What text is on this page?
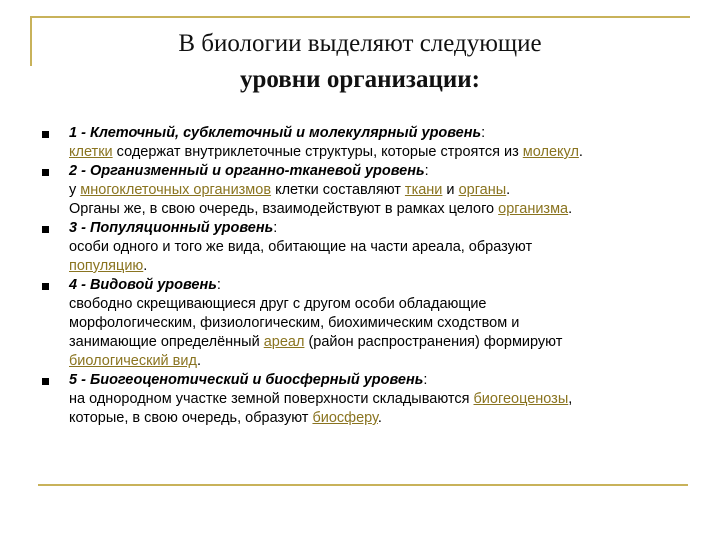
В биологии выделяют следующие
уровни организации:
1 - Клеточный, субклеточный и молекулярный уровень:
клетки содержат внутриклеточные структуры, которые строятся из молекул.
2 - Организменный и органно-тканевой уровень:
у многоклеточных организмов клетки составляют ткани и органы.
Органы же, в свою очередь, взаимодействуют в рамках целого организма.
3 - Популяционный уровень:
особи одного и того же вида, обитающие на части ареала, образуют
популяцию.
4 - Видовой уровень:
свободно скрещивающиеся друг с другом особи обладающие
морфологическим, физиологическим, биохимическим сходством и
занимающие определённый ареал (район распространения) формируют
биологический вид.
5 - Биогеоценотический и биосферный уровень:
на однородном участке земной поверхности складываются биогеоценозы,
которые, в свою очередь, образуют биосферу.
